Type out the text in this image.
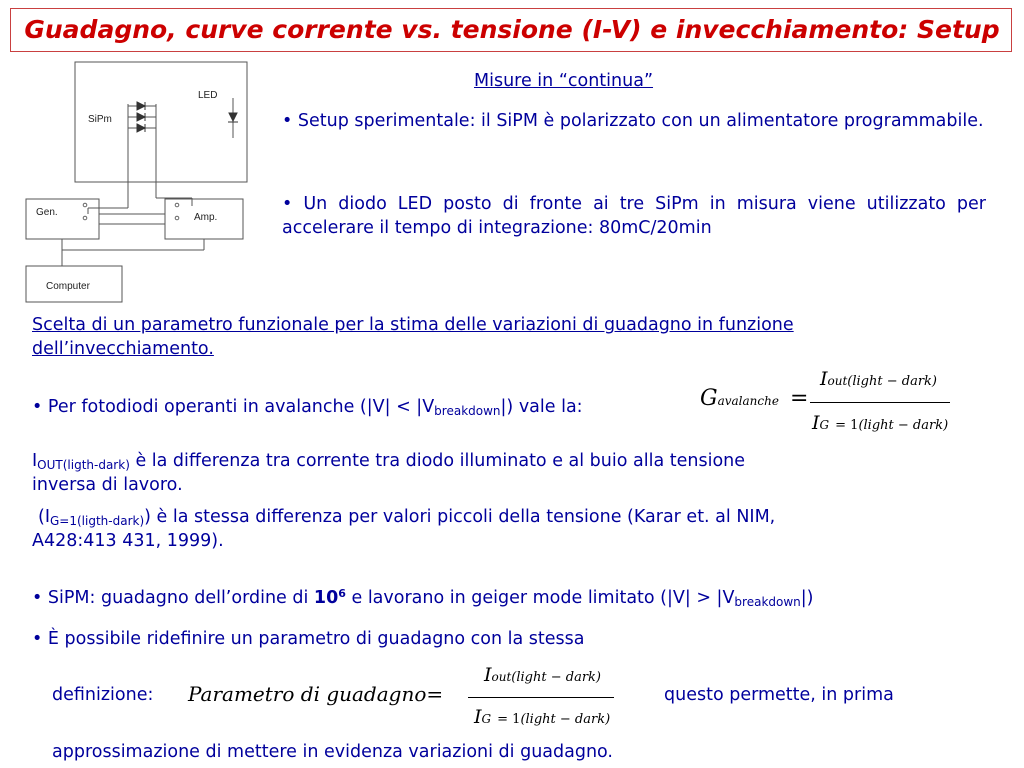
Guadagno, curve corrente vs. tensione (I-V) e invecchiamento: Setup
LED
SiPm
Gen.	Amp.
Computer
Misure in “continua”
• Setup sperimentale: il SiPM è polarizzato con un alimentatore programmabile.
• Un diodo LED posto di fronte ai tre SiPm in misura viene utilizzato per accelerare il tempo di integrazione: 80mC/20min
Scelta di un parametro funzionale per la stima delle variazioni di guadagno in funzione dell’invecchiamento.
• Per fotodiodi operanti in avalanche $(|V| < |V_{breakdown}|)$ vale la:	Gavalanche =
Iout(light − dark)
IG = 1(light − dark)
$I_{OUT(ligth-dark)}$ è la differenza tra corrente tra diodo illuminato e al buio alla tensione
inversa di lavoro.
$(I_{G=1(ligth-dark)})$ è la stessa differenza per valori piccoli della tensione (Karar et. al NIM,
A428:413 431, 1999).
• SiPM: guadagno dell’ordine di $10^6$ e lavorano in geiger mode limitato $(|V| > |V_{breakdown}|)$
• È possibile ridefinire un parametro di guadagno con la stessa
definizione: Parametro di guadagno=
Iout(light − dark)
IG = 1(light − dark)
questo permette, in prima
approssimazione di mettere in evidenza variazioni di guadagno.
